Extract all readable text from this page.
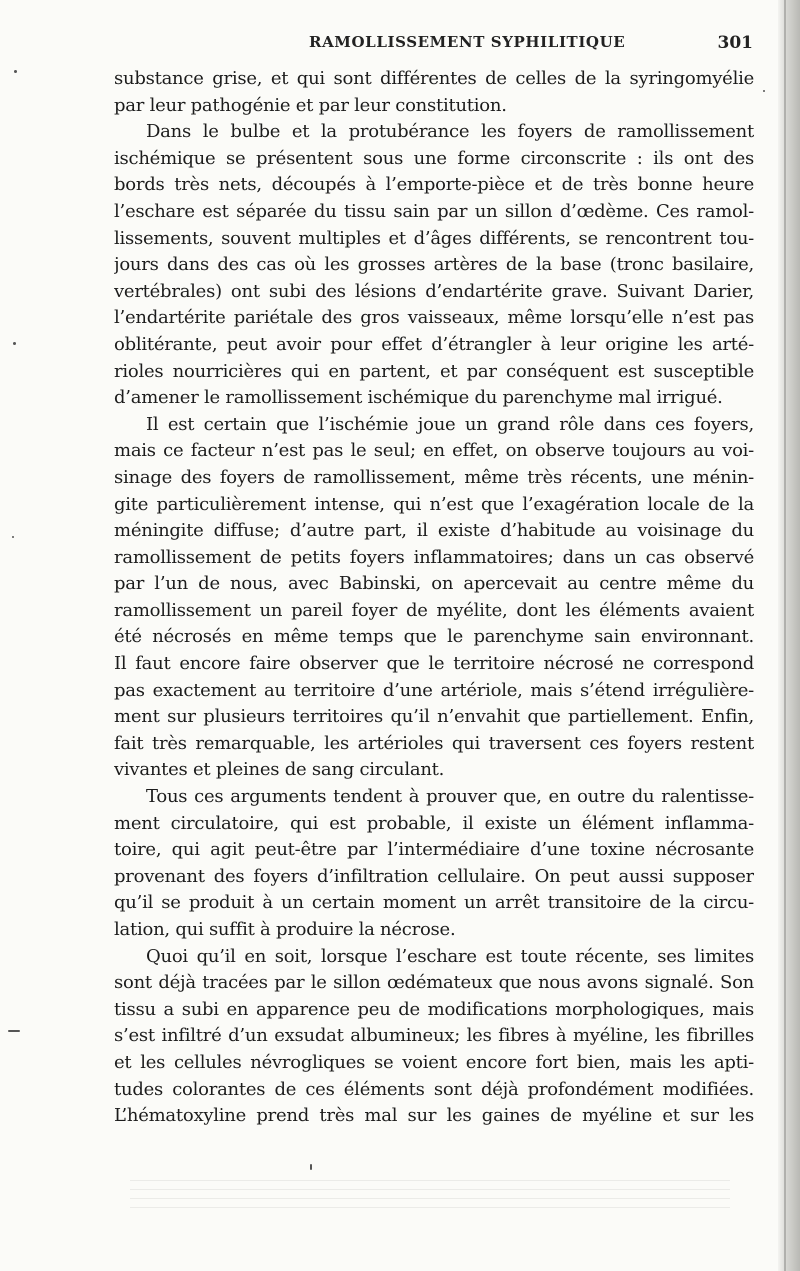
RAMOLLISSEMENT SYPHILITIQUE	301
substance grise, et qui sont différentes de celles de la syringomyélie
par leur pathogénie et par leur constitution.
Dans le bulbe et la protubérance les foyers de ramollissement
ischémique se présentent sous une forme circonscrite : ils ont des
bords très nets, découpés à l’emporte-pièce et de très bonne heure
l’eschare est séparée du tissu sain par un sillon d’œdème. Ces ramol-
lissements, souvent multiples et d’âges différents, se rencontrent tou-
jours dans des cas où les grosses artères de la base (tronc basilaire,
vertébrales) ont subi des lésions d’endartérite grave. Suivant Darier,
l’endartérite pariétale des gros vaisseaux, même lorsqu’elle n’est pas
oblitérante, peut avoir pour effet d’étrangler à leur origine les arté-
rioles nourricières qui en partent, et par conséquent est susceptible
d’amener le ramollissement ischémique du parenchyme mal irrigué.
Il est certain que l’ischémie joue un grand rôle dans ces foyers,
mais ce facteur n’est pas le seul; en effet, on observe toujours au voi-
sinage des foyers de ramollissement, même très récents, une ménin-
gite particulièrement intense, qui n’est que l’exagération locale de la
méningite diffuse; d’autre part, il existe d’habitude au voisinage du
ramollissement de petits foyers inflammatoires; dans un cas observé
par l’un de nous, avec Babinski, on apercevait au centre même du
ramollissement un pareil foyer de myélite, dont les éléments avaient
été nécrosés en même temps que le parenchyme sain environnant.
Il faut encore faire observer que le territoire nécrosé ne correspond
pas exactement au territoire d’une artériole, mais s’étend irrégulière-
ment sur plusieurs territoires qu’il n’envahit que partiellement. Enfin,
fait très remarquable, les artérioles qui traversent ces foyers restent
vivantes et pleines de sang circulant.
Tous ces arguments tendent à prouver que, en outre du ralentisse-
ment circulatoire, qui est probable, il existe un élément inflamma-
toire, qui agit peut-être par l’intermédiaire d’une toxine nécrosante
provenant des foyers d’infiltration cellulaire. On peut aussi supposer
qu’il se produit à un certain moment un arrêt transitoire de la circu-
lation, qui suffit à produire la nécrose.
Quoi qu’il en soit, lorsque l’eschare est toute récente, ses limites
sont déjà tracées par le sillon œdémateux que nous avons signalé. Son
tissu a subi en apparence peu de modifications morphologiques, mais
s’est infiltré d’un exsudat albumineux; les fibres à myéline, les fibrilles
et les cellules névrogliques se voient encore fort bien, mais les apti-
tudes colorantes de ces éléments sont déjà profondément modifiées.
L’hématoxyline prend très mal sur les gaines de myéline et sur les
